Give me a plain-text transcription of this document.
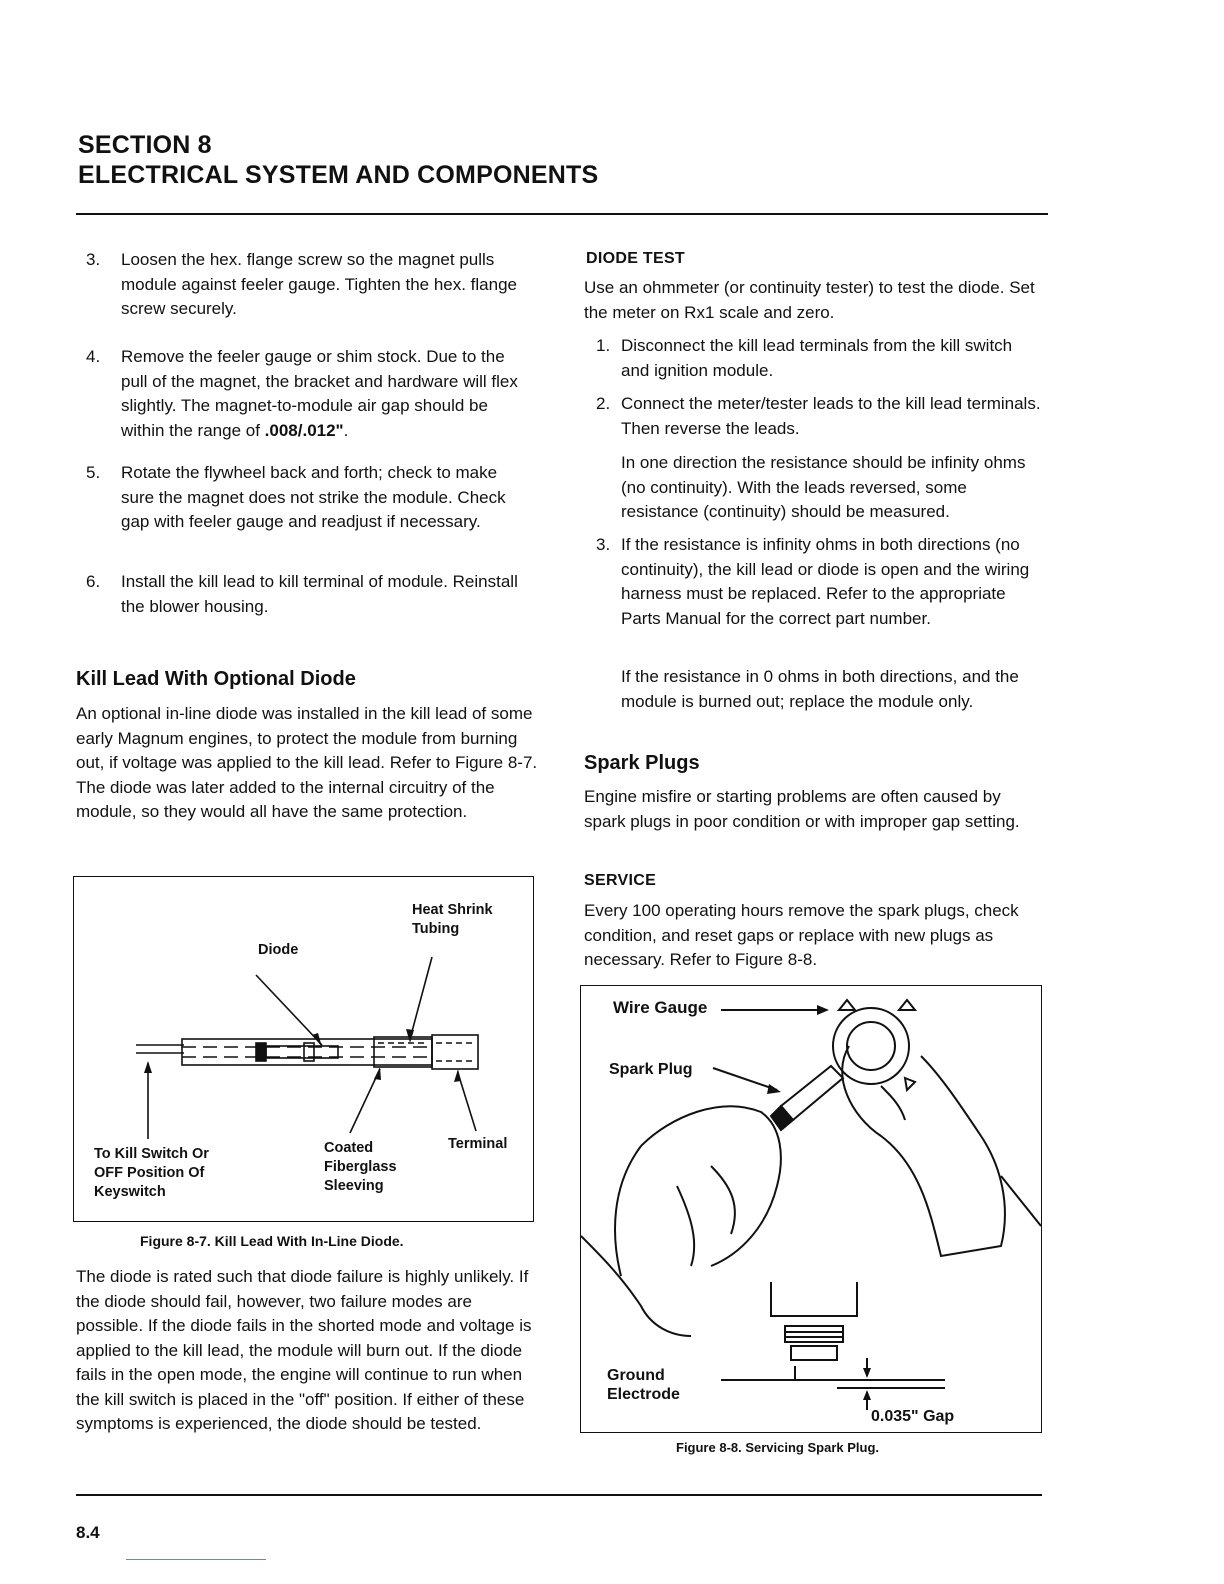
SECTION 8
ELECTRICAL SYSTEM AND COMPONENTS
3. Loosen the hex. flange screw so the magnet pulls module against feeler gauge. Tighten the hex. flange screw securely.
4. Remove the feeler gauge or shim stock. Due to the pull of the magnet, the bracket and hardware will flex slightly. The magnet-to-module air gap should be within the range of .008/.012".
5. Rotate the flywheel back and forth; check to make sure the magnet does not strike the module. Check gap with feeler gauge and readjust if necessary.
6. Install the kill lead to kill terminal of module. Reinstall the blower housing.
Kill Lead With Optional Diode
An optional in-line diode was installed in the kill lead of some early Magnum engines, to protect the module from burning out, if voltage was applied to the kill lead. Refer to Figure 8-7. The diode was later added to the internal circuitry of the module, so they would all have the same protection.
Heat Shrink Tubing
Diode
To Kill Switch Or OFF Position Of Keyswitch
Coated Fiberglass Sleeving
Terminal
Figure 8-7. Kill Lead With In-Line Diode.
The diode is rated such that diode failure is highly unlikely. If the diode should fail, however, two failure modes are possible. If the diode fails in the shorted mode and voltage is applied to the kill lead, the module will burn out. If the diode fails in the open mode, the engine will continue to run when the kill switch is placed in the "off" position. If either of these symptoms is experienced, the diode should be tested.
DIODE TEST
Use an ohmmeter (or continuity tester) to test the diode. Set the meter on Rx1 scale and zero.
1. Disconnect the kill lead terminals from the kill switch and ignition module.
2. Connect the meter/tester leads to the kill lead terminals. Then reverse the leads.
In one direction the resistance should be infinity ohms (no continuity). With the leads reversed, some resistance (continuity) should be measured.
3. If the resistance is infinity ohms in both directions (no continuity), the kill lead or diode is open and the wiring harness must be replaced. Refer to the appropriate Parts Manual for the correct part number.
If the resistance in 0 ohms in both directions, and the module is burned out; replace the module only.
Spark Plugs
Engine misfire or starting problems are often caused by spark plugs in poor condition or with improper gap setting.
SERVICE
Every 100 operating hours remove the spark plugs, check condition, and reset gaps or replace with new plugs as necessary. Refer to Figure 8-8.
Wire Gauge
Spark Plug
Ground Electrode
0.035" Gap
Figure 8-8. Servicing Spark Plug.
8.4
